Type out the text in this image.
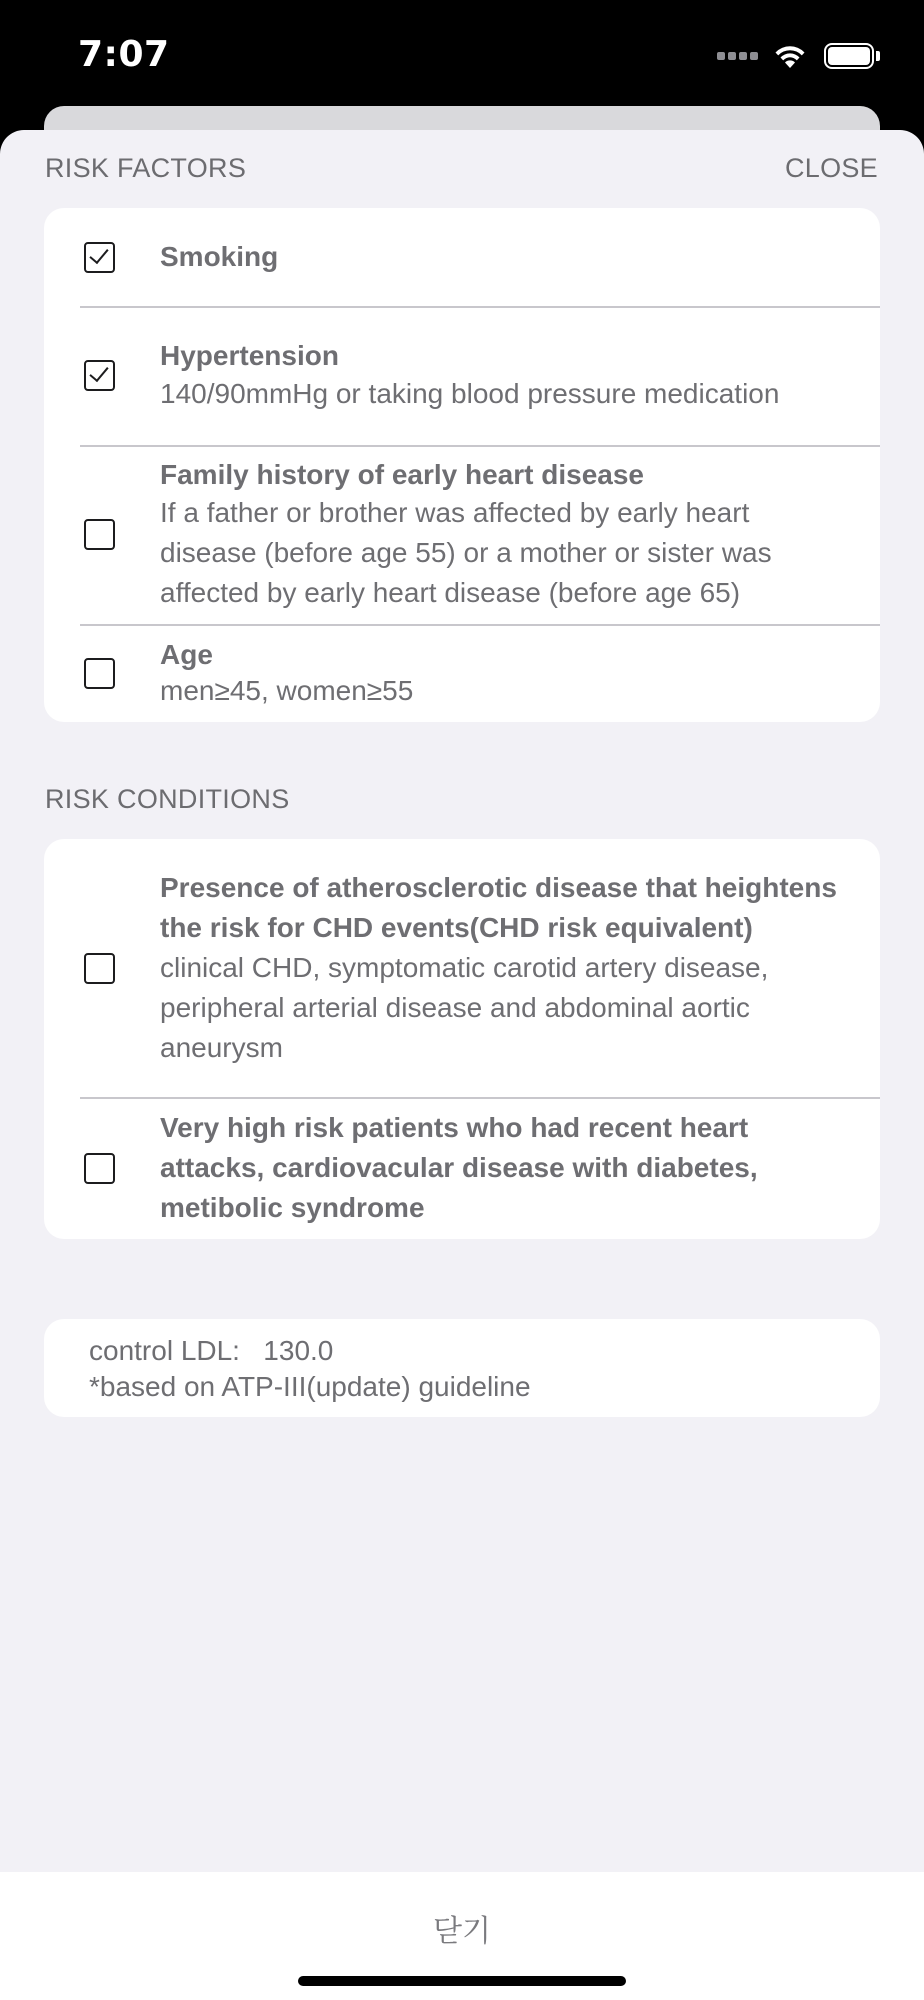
7:07
RISK FACTORS	CLOSE
Smoking
Hypertension
140/90mmHg or taking blood pressure medication
Family history of early heart disease
If a father or brother was affected by early heart disease (before age 55) or a mother or sister was affected by early heart disease (before age 65)
Age
men≥45, women≥55
RISK CONDITIONS
Presence of atherosclerotic disease that heightens the risk for CHD events(CHD risk equivalent)
clinical CHD, symptomatic carotid artery disease, peripheral arterial disease and abdominal aortic aneurysm
Very high risk patients who had recent heart attacks, cardiovacular disease with diabetes, metibolic syndrome
control LDL:   130.0
*based on ATP-III(update) guideline
닫기
